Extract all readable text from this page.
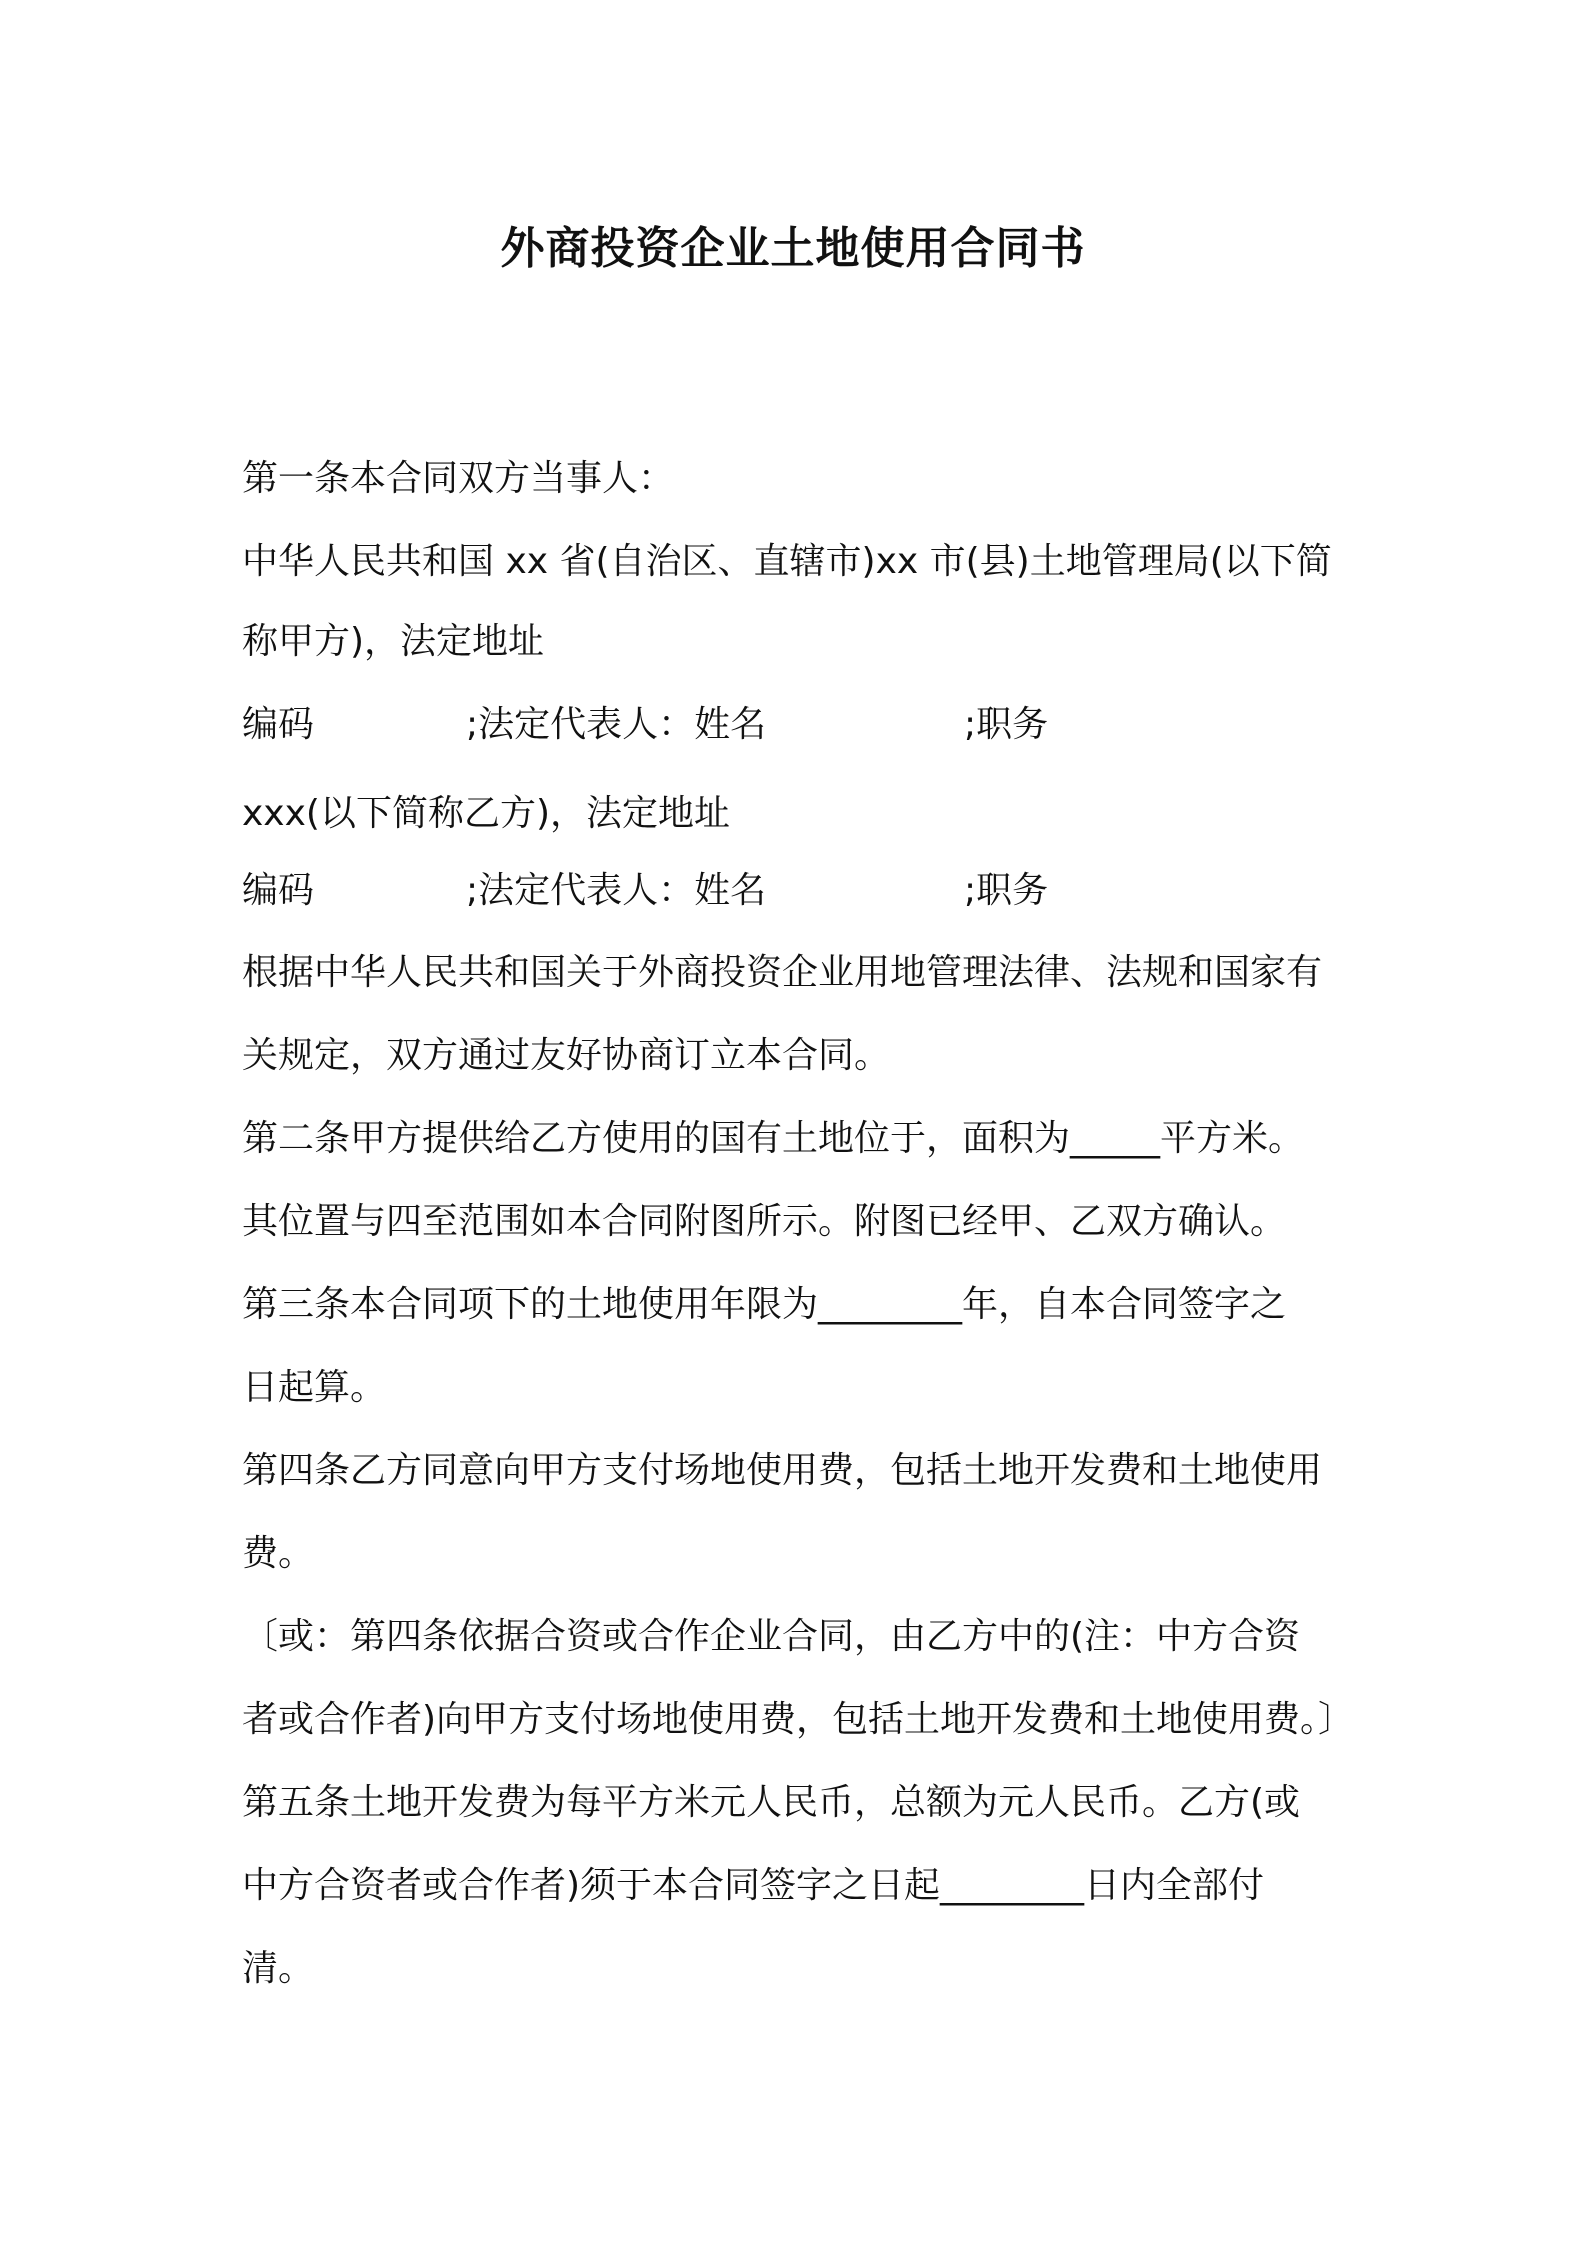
外商投资企业土地使用合同书
第一条本合同双方当事人：
中华人民共和国 xx 省(自治区、直辖市)xx 市(县)土地管理局(以下简
称甲方)，法定地址
编码	;法定代表人：姓名	;职务
xxx(以下简称乙方)，法定地址
编码	;法定代表人：姓名	;职务
根据中华人民共和国关于外商投资企业用地管理法律、法规和国家有
关规定，双方通过友好协商订立本合同。
第二条甲方提供给乙方使用的国有土地位于，面积为_____平方米。
其位置与四至范围如本合同附图所示。附图已经甲、乙双方确认。
第三条本合同项下的土地使用年限为________年，自本合同签字之
日起算。
第四条乙方同意向甲方支付场地使用费，包括土地开发费和土地使用
费。
〔或：第四条依据合资或合作企业合同，由乙方中的(注：中方合资
者或合作者)向甲方支付场地使用费，包括土地开发费和土地使用费。〕
第五条土地开发费为每平方米元人民币，总额为元人民币。乙方(或
中方合资者或合作者)须于本合同签字之日起________日内全部付
清。
